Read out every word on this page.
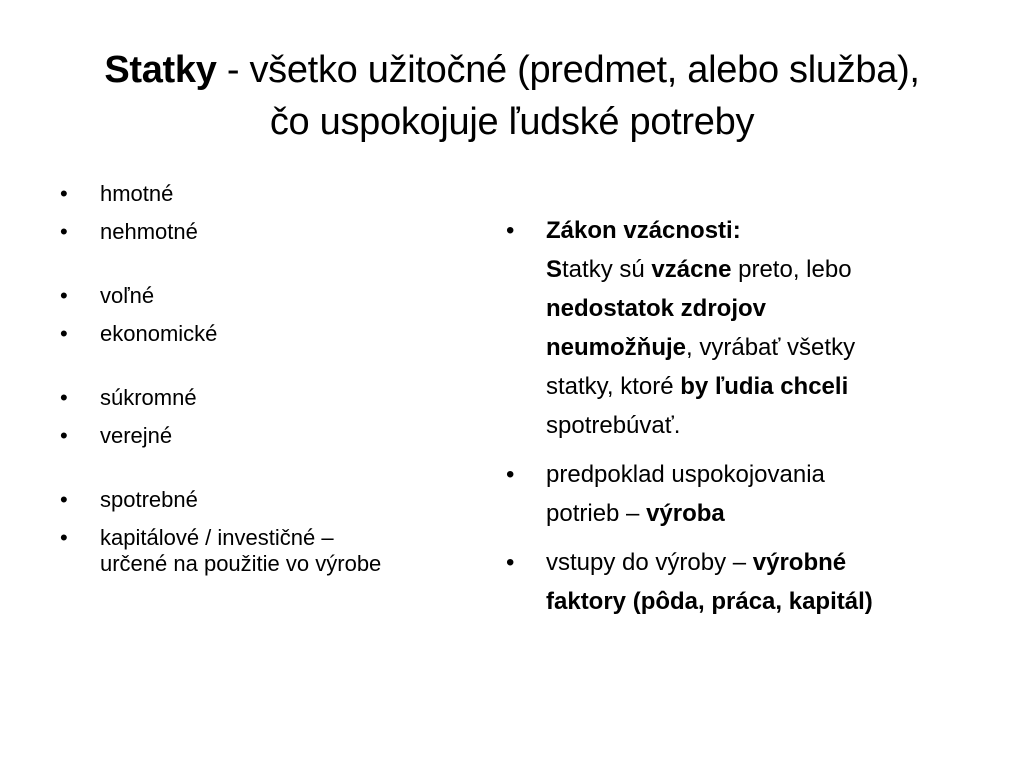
Statky - všetko užitočné (predmet, alebo služba),
čo uspokojuje ľudské potreby
• hmotné
• nehmotné
• voľné
• ekonomické
• súkromné
• verejné
• spotrebné
• kapitálové / investičné –
určené na použitie vo výrobe
• Zákon vzácnosti:
Statky sú vzácne preto, lebo
nedostatok zdrojov
neumožňuje, vyrábať všetky
statky, ktoré by ľudia chceli
spotrebúvať.
• predpoklad uspokojovania
potrieb – výroba
• vstupy do výroby – výrobné
faktory (pôda, práca, kapitál)
